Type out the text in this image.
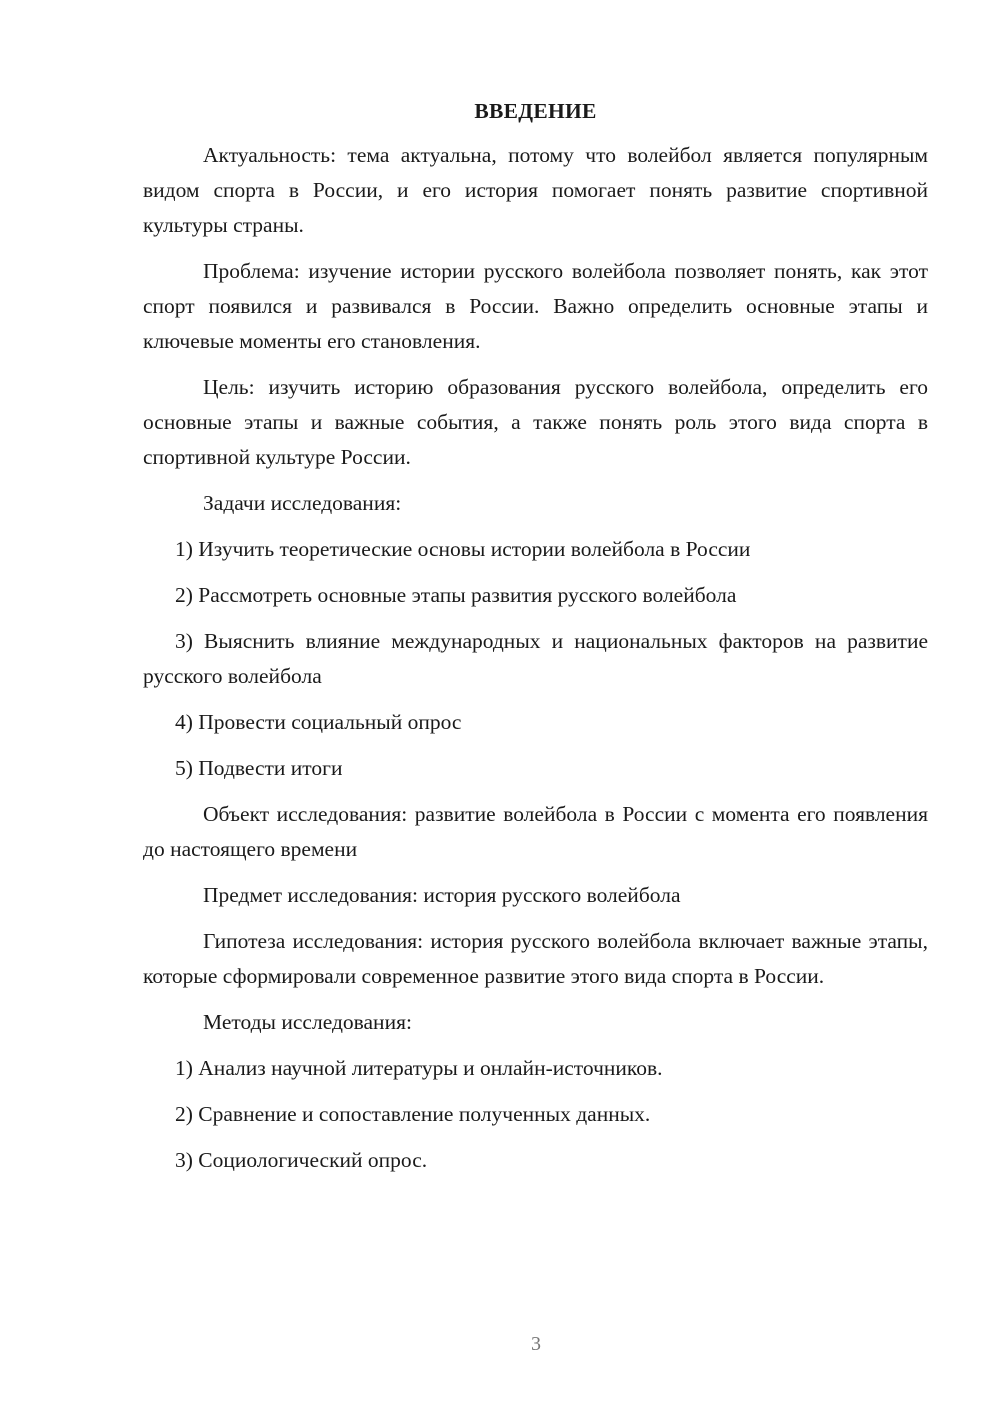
ВВЕДЕНИЕ

Актуальность: тема актуальна, потому что волейбол является популярным видом спорта в России, и его история помогает понять развитие спортивной культуры страны.

Проблема: изучение истории русского волейбола позволяет понять, как этот спорт появился и развивался в России. Важно определить основные этапы и ключевые моменты его становления.

Цель: изучить историю образования русского волейбола, определить его основные этапы и важные события, а также понять роль этого вида спорта в спортивной культуре России.

Задачи исследования:

1) Изучить теоретические основы истории волейбола в России

2) Рассмотреть основные этапы развития русского волейбола

3) Выяснить влияние международных и национальных факторов на развитие русского волейбола

4) Провести социальный опрос

5) Подвести итоги

Объект исследования: развитие волейбола в России с момента его появления до настоящего времени

Предмет исследования: история русского волейбола

Гипотеза исследования: история русского волейбола включает важные этапы, которые сформировали современное развитие этого вида спорта в России.

Методы исследования:

1) Анализ научной литературы и онлайн-источников.

2) Сравнение и сопоставление полученных данных.

3) Социологический опрос.

3
